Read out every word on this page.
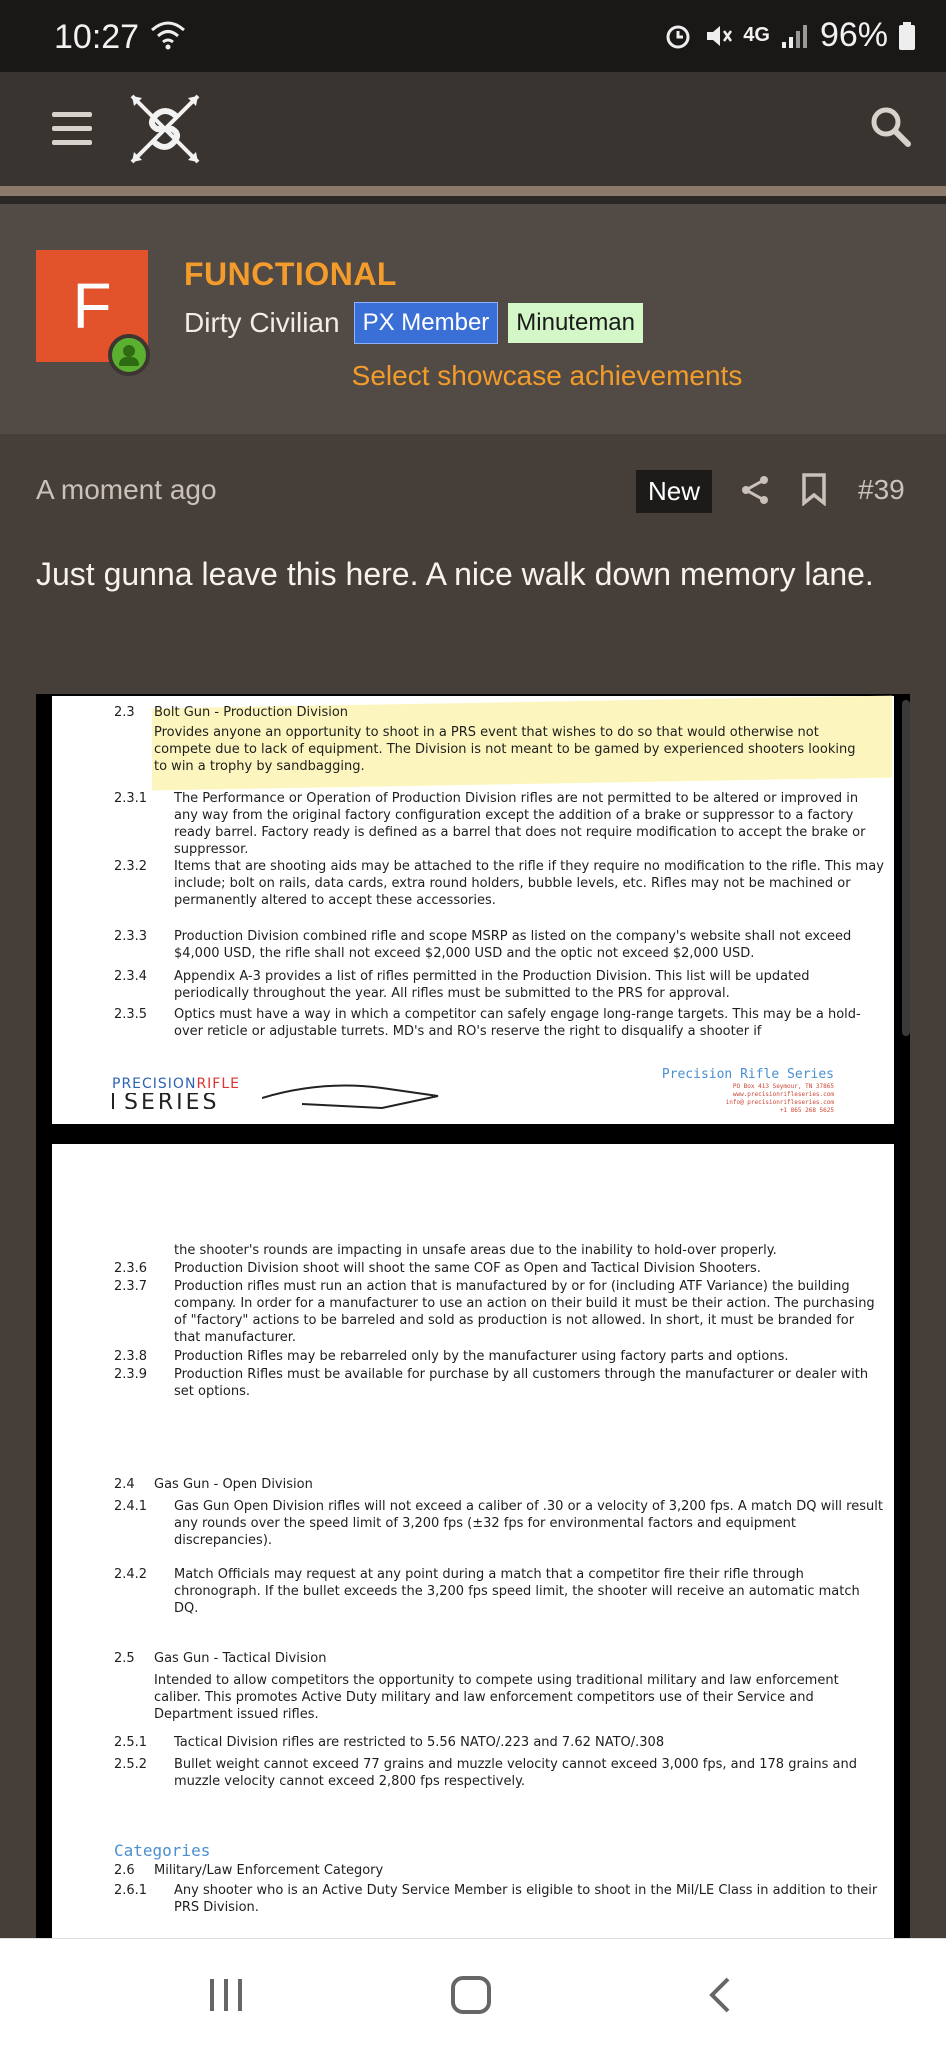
10:27	4G 96%
F	FUNCTIONAL
Dirty Civilian PX Member	Minuteman
Select showcase achievements
A moment ago	New	#39
Just gunna leave this here. A nice walk down memory lane.
2.3	Bolt Gun - Production Division
Provides anyone an opportunity to shoot in a PRS event that wishes to do so that would otherwise not compete due to lack of equipment. The Division is not meant to be gamed by experienced shooters looking to win a trophy by sandbagging.
2.3.1	The Performance or Operation of Production Division rifles are not permitted to be altered or improved in any way from the original factory configuration except the addition of a brake or suppressor to a factory ready barrel. Factory ready is defined as a barrel that does not require modification to accept the brake or suppressor.
2.3.2	Items that are shooting aids may be attached to the rifle if they require no modification to the rifle. This may include; bolt on rails, data cards, extra round holders, bubble levels, etc. Rifles may not be machined or permanently altered to accept these accessories.
2.3.3	Production Division combined rifle and scope MSRP as listed on the company's website shall not exceed $4,000 USD, the rifle shall not exceed $2,000 USD and the optic not exceed $2,000 USD.
2.3.4	Appendix A-3 provides a list of rifles permitted in the Production Division. This list will be updated periodically throughout the year. All rifles must be submitted to the PRS for approval.
2.3.5	Optics must have a way in which a competitor can safely engage long-range targets. This may be a hold-over reticle or adjustable turrets. MD's and RO's reserve the right to disqualify a shooter if
PRECISIONRIFLE
SERIES
Precision Rifle Series
PO Box 413 Seymour, TN 37865
www.precisionrifleseries.com
info@ precisionrifleseries.com
+1 865 268 5625
the shooter's rounds are impacting in unsafe areas due to the inability to hold-over properly.
2.3.6	Production Division shoot will shoot the same COF as Open and Tactical Division Shooters.
2.3.7	Production rifles must run an action that is manufactured by or for (including ATF Variance) the building company. In order for a manufacturer to use an action on their build it must be their action. The purchasing of "factory" actions to be barreled and sold as production is not allowed. In short, it must be branded for that manufacturer.
2.3.8	Production Rifles may be rebarreled only by the manufacturer using factory parts and options.
2.3.9	Production Rifles must be available for purchase by all customers through the manufacturer or dealer with set options.
2.4	Gas Gun - Open Division
2.4.1	Gas Gun Open Division rifles will not exceed a caliber of .30 or a velocity of 3,200 fps. A match DQ will result any rounds over the speed limit of 3,200 fps (±32 fps for environmental factors and equipment discrepancies).
2.4.2	Match Officials may request at any point during a match that a competitor fire their rifle through chronograph. If the bullet exceeds the 3,200 fps speed limit, the shooter will receive an automatic match DQ.
2.5	Gas Gun - Tactical Division
Intended to allow competitors the opportunity to compete using traditional military and law enforcement caliber. This promotes Active Duty military and law enforcement competitors use of their Service and Department issued rifles.
2.5.1	Tactical Division rifles are restricted to 5.56 NATO/.223 and 7.62 NATO/.308
2.5.2	Bullet weight cannot exceed 77 grains and muzzle velocity cannot exceed 3,000 fps, and 178 grains and muzzle velocity cannot exceed 2,800 fps respectively.
Categories
2.6	Military/Law Enforcement Category
2.6.1	Any shooter who is an Active Duty Service Member is eligible to shoot in the Mil/LE Class in addition to their PRS Division.
